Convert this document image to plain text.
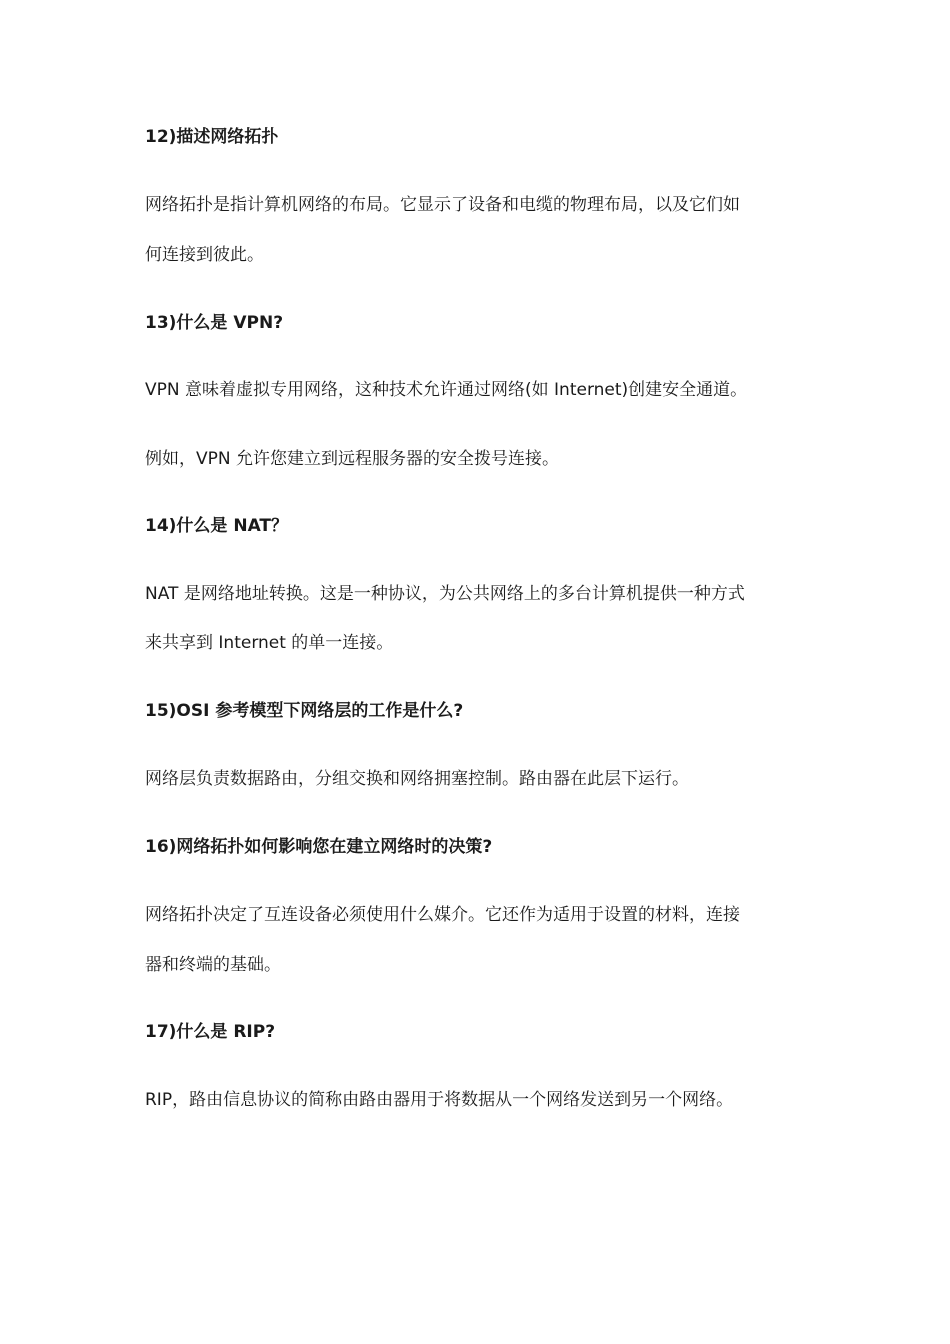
12)描述网络拓扑
网络拓扑是指计算机网络的布局。它显示了设备和电缆的物理布局，以及它们如
何连接到彼此。
13)什么是 VPN?
VPN 意味着虚拟专用网络，这种技术允许通过网络(如 Internet)创建安全通道。
例如，VPN 允许您建立到远程服务器的安全拨号连接。
14)什么是 NAT？
NAT 是网络地址转换。这是一种协议，为公共网络上的多台计算机提供一种方式
来共享到 Internet 的单一连接。
15)OSI 参考模型下网络层的工作是什么?
网络层负责数据路由，分组交换和网络拥塞控制。路由器在此层下运行。
16)网络拓扑如何影响您在建立网络时的决策?
网络拓扑决定了互连设备必须使用什么媒介。它还作为适用于设置的材料，连接
器和终端的基础。
17)什么是 RIP?
RIP，路由信息协议的简称由路由器用于将数据从一个网络发送到另一个网络。
